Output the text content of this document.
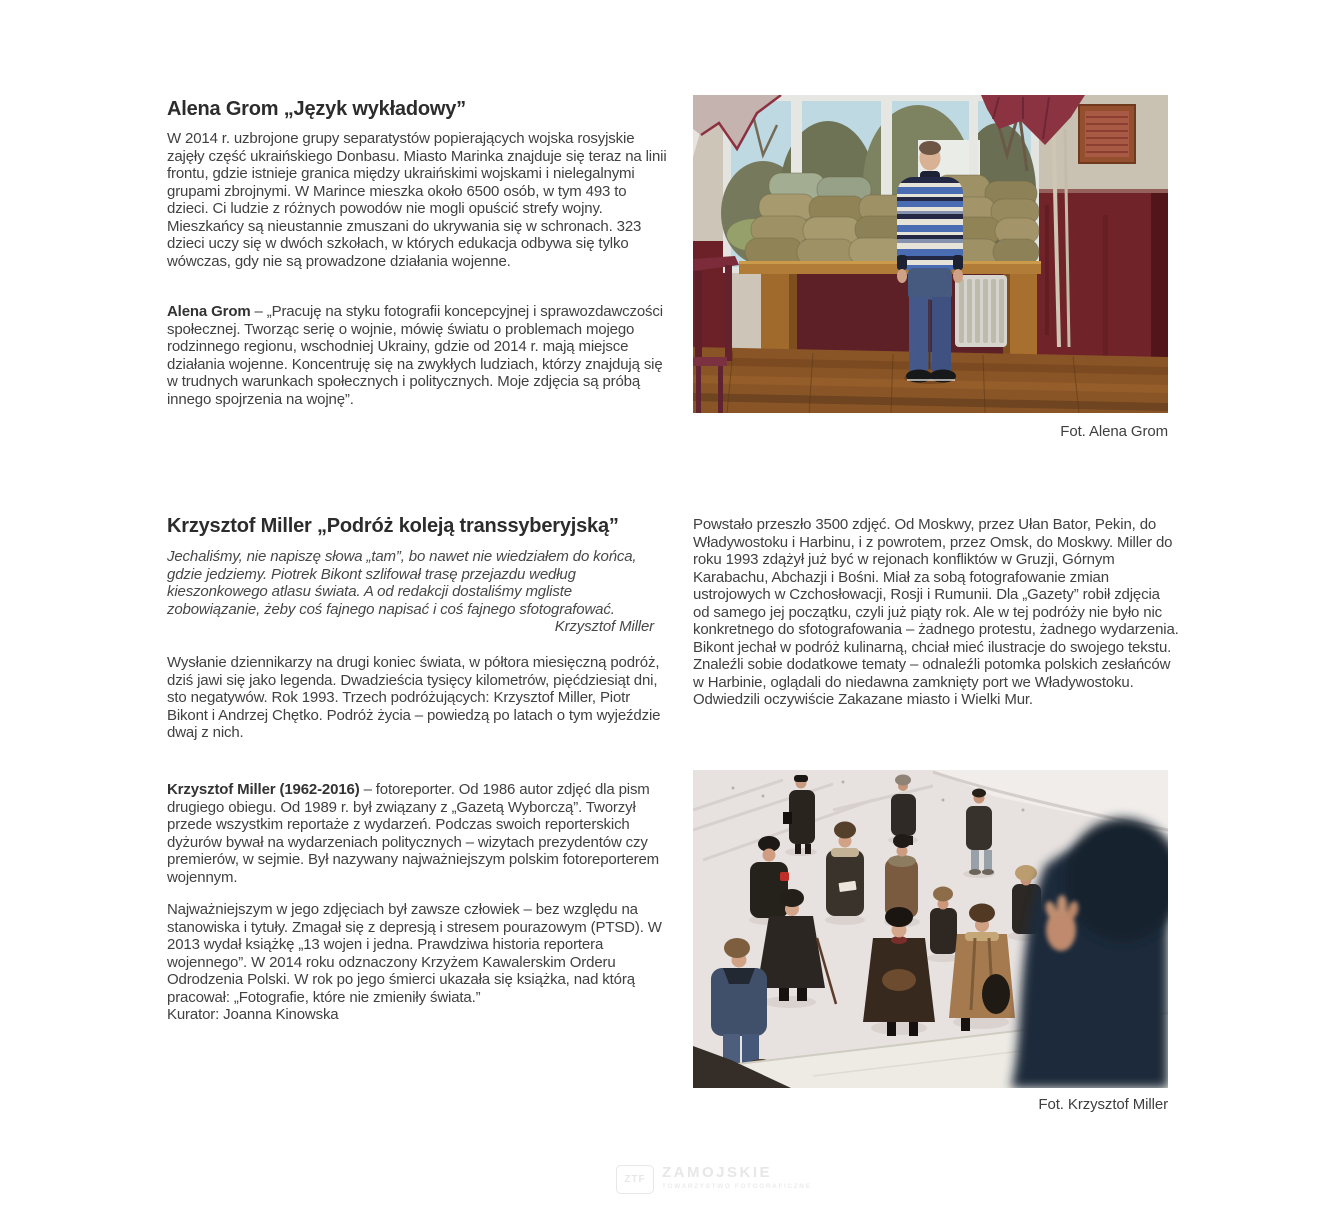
Alena Grom „Język wykładowy”

W 2014 r. uzbrojone grupy separatystów popierających wojska rosyjskie zajęły część ukraińskiego Donbasu. Miasto Marinka znajduje się teraz na linii frontu, gdzie istnieje granica między ukraińskimi wojskami i nielegalnymi grupami zbrojnymi. W Marince mieszka około 6500 osób, w tym 493 to dzieci. Ci ludzie z różnych powodów nie mogli opuścić strefy wojny. Mieszkańcy są nieustannie zmuszani do ukrywania się w schronach. 323 dzieci uczy się w dwóch szkołach, w których edukacja odbywa się tylko wówczas, gdy nie są prowadzone działania wojenne.

Alena Grom – „Pracuję na styku fotografii koncepcyjnej i sprawozdawczości społecznej. Tworząc serię o wojnie, mówię światu o problemach mojego rodzinnego regionu, wschodniej Ukrainy, gdzie od 2014 r. mają miejsce działania wojenne. Koncentruję się na zwykłych ludziach, którzy znajdują się w trudnych warunkach społecznych i politycznych. Moje zdjęcia są próbą innego spojrzenia na wojnę”.

Fot. Alena Grom
Krzysztof Miller „Podróż koleją transsyberyjską”

Jechaliśmy, nie napiszę słowa „tam”, bo nawet nie wiedziałem do końca, gdzie jedziemy. Piotrek Bikont szlifował trasę przejazdu według kieszonkowego atlasu świata. A od redakcji dostaliśmy mgliste zobowiązanie, żeby coś fajnego napisać i coś fajnego sfotografować.

Krzysztof Miller

Wysłanie dziennikarzy na drugi koniec świata, w półtora miesięczną podróż, dziś jawi się jako legenda. Dwadzieścia tysięcy kilometrów, pięćdziesiąt dni, sto negatywów. Rok 1993. Trzech podróżujących: Krzysztof Miller, Piotr Bikont i Andrzej Chętko. Podróż życia – powiedzą po latach o tym wyjeździe dwaj z nich.

Powstało przeszło 3500 zdjęć. Od Moskwy, przez Ułan Bator, Pekin, do Władywostoku i Harbinu, i z powrotem, przez Omsk, do Moskwy. Miller do roku 1993 zdążył już być w rejonach konfliktów w Gruzji, Górnym Karabachu, Abchazji i Bośni. Miał za sobą fotografowanie zmian ustrojowych w Czchosłowacji, Rosji i Rumunii. Dla „Gazety” robił zdjęcia od samego jej początku, czyli już piąty rok. Ale w tej podróży nie było nic konkretnego do sfotografowania – żadnego protestu, żadnego wydarzenia. Bikont jechał w podróż kulinarną, chciał mieć ilustracje do swojego tekstu. Znaleźli sobie dodatkowe tematy – odnaleźli potomka polskich zesłańców w Harbinie, oglądali do niedawna zamknięty port we Władywostoku. Odwiedzili oczywiście Zakazane miasto i Wielki Mur.

Krzysztof Miller (1962-2016) – fotoreporter. Od 1986 autor zdjęć dla pism drugiego obiegu. Od 1989 r. był związany z „Gazetą Wyborczą”. Tworzył przede wszystkim reportaże z wydarzeń. Podczas swoich reporterskich dyżurów bywał na wydarzeniach politycznych – wizytach prezydentów czy premierów, w sejmie. Był nazywany najważniejszym polskim fotoreporterem wojennym.

Najważniejszym w jego zdjęciach był zawsze człowiek – bez względu na stanowiska i tytuły. Zmagał się z depresją i stresem pourazowym (PTSD). W 2013 wydał książkę „13 wojen i jedna. Prawdziwa historia reportera wojennego”. W 2014 roku odznaczony Krzyżem Kawalerskim Orderu Odrodzenia Polski. W rok po jego śmierci ukazała się książka, nad którą pracował: „Fotografie, które nie zmieniły świata.”
Kurator: Joanna Kinowska

Fot. Krzysztof Miller
ZTF ZAMOJSKIE
TOWARZYSTWO FOTOGRAFICZNE
